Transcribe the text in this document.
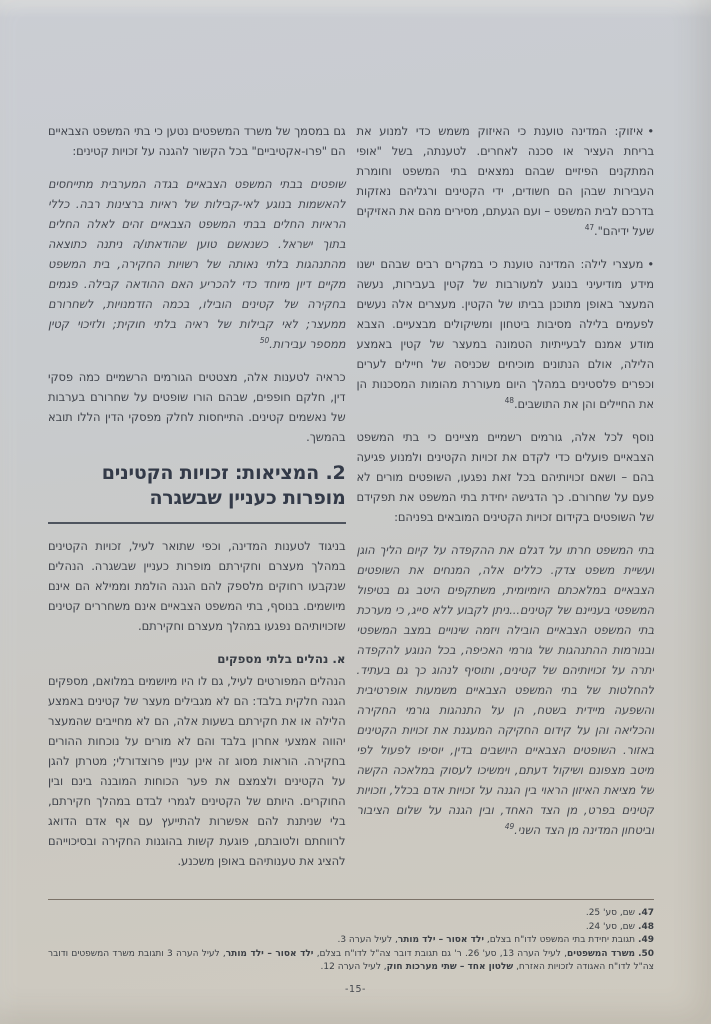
•איזוק: המדינה טוענת כי האיזוק משמש כדי למנוע את בריחת העציר או סכנה לאחרים. לטענתה, בשל "אופי המתקנים הפיזיים שבהם נמצאים בתי המשפט וחומרת העבירות שבהן הם חשודים, ידי הקטינים ורגליהם נאזקות בדרכם לבית המשפט – ועם הגעתם, מסירים מהם את האזיקים שעל ידיהם".$^{47}$

•מעצרי לילה: המדינה טוענת כי במקרים רבים שבהם ישנו מידע מודיעיני בנוגע למעורבות של קטין בעבירות, נעשה המעצר באופן מתוכנן בביתו של הקטין. מעצרים אלה נעשים לפעמים בלילה מסיבות ביטחון ומשיקולים מבצעיים. הצבא מודע אמנם לבעייתיות הטמונה במעצר של קטין באמצע הלילה, אולם הנתונים מוכיחים שכניסה של חיילים לערים וכפרים פלסטינים במהלך היום מעוררת מהומות המסכנות הן את החיילים והן את התושבים.$^{48}$

נוסף לכל אלה, גורמים רשמיים מציינים כי בתי המשפט הצבאיים פועלים כדי לקדם את זכויות הקטינים ולמנוע פגיעה בהם – ושאם זכויותיהם בכל זאת נפגעו, השופטים מורים לא פעם על שחרורם. כך הדגישה יחידת בתי המשפט את תפקידם של השופטים בקידום זכויות הקטינים המובאים בפניהם:

בתי המשפט חרתו על דגלם את ההקפדה על קיום הליך הוגן ועשיית משפט צדק. כללים אלה, המנחים את השופטים הצבאיים במלאכתם היומיומית, משתקפים היטב גם בטיפול המשפטי בעניינם של קטינים...ניתן לקבוע ללא סייג, כי מערכת בתי המשפט הצבאיים הובילה ויזמה שינויים במצב המשפטי ובנורמות ההתנהגות של גורמי האכיפה, בכל הנוגע להקפדה יתרה על זכויותיהם של קטינים, ותוסיף לנהוג כך גם בעתיד. להחלטות של בתי המשפט הצבאיים משמעות אופרטיבית והשפעה מיידית בשטח, הן על התנהגות גורמי החקירה והכליאה והן על קידום החקיקה המעגנת את זכויות הקטינים באזור. השופטים הצבאיים היושבים בדין, יוסיפו לפעול לפי מיטב מצפונם ושיקול דעתם, וימשיכו לעסוק במלאכה הקשה של מציאת האיזון הראוי בין הגנה על זכויות אדם בכלל, וזכויות קטינים בפרט, מן הצד האחד, ובין הגנה על שלום הציבור וביטחון המדינה מן הצד השני.$^{49}$

גם במסמך של משרד המשפטים נטען כי בתי המשפט הצבאיים הם "פרו-אקטיביים" בכל הקשור להגנה על זכויות קטינים:

שופטים בבתי המשפט הצבאיים בגדה המערבית מתייחסים להאשמות בנוגע לאי-קבילות של ראיות ברצינות רבה. כללי הראיות החלים בבתי המשפט הצבאיים זהים לאלה החלים בתוך ישראל. כשנאשם טוען שהודאתו/ה ניתנה כתוצאה מהתנהגות בלתי נאותה של רשויות החקירה, בית המשפט מקיים דיון מיוחד כדי להכריע האם ההודאה קבילה. פגמים בחקירה של קטינים הובילו, בכמה הזדמנויות, לשחרורם ממעצר; לאי קבילות של ראיה בלתי חוקית; ולזיכוי קטין ממספר עבירות.$^{50}$

כראיה לטענות אלה, מצטטים הגורמים הרשמיים כמה פסקי דין, חלקם חופפים, שבהם הורו שופטים על שחרורם בערבות של נאשמים קטינים. התייחסות לחלק מפסקי הדין הללו תובא בהמשך.

2. המציאות: זכויות הקטינים מופרות כעניין שבשגרה

בניגוד לטענות המדינה, וכפי שתואר לעיל, זכויות הקטינים במהלך מעצרם וחקירתם מופרות כעניין שבשגרה. הנהלים שנקבעו רחוקים מלספק להם הגנה הולמת וממילא הם אינם מיושמים. בנוסף, בתי המשפט הצבאיים אינם משחררים קטינים שזכויותיהם נפגעו במהלך מעצרם וחקירתם.

א. נהלים בלתי מספקים

הנהלים המפורטים לעיל, גם לו היו מיושמים במלואם, מספקים הגנה חלקית בלבד: הם לא מגבילים מעצר של קטינים באמצע הלילה או את חקירתם בשעות אלה, הם לא מחייבים שהמעצר יהווה אמצעי אחרון בלבד והם לא מורים על נוכחות ההורים בחקירה. הוראות מסוג זה אינן עניין פרוצדורלי; מטרתן להגן על הקטינים ולצמצם את פער הכוחות המובנה בינם ובין החוקרים. היותם של הקטינים לגמרי לבדם במהלך חקירתם, בלי שניתנת להם אפשרות להתייעץ עם אף אדם הדואג לרווחתם ולטובתם, פוגעת קשות בהוגנות החקירה ובסיכוייהם להציג את טענותיהם באופן משכנע.

47.שם, סע' 25.

48.שם, סע' 24.

49.תגובת יחידת בתי המשפט לדו"ח בצלם, ילד אסור – ילד מותר, לעיל הערה 3.

50.משרד המשפטים, לעיל הערה 13, סע' 26. ר' גם תגובת דובר צה"ל לדו"ח בצלם, ילד אסור – ילד מותר, לעיל הערה 3 ותגובת משרד המשפטים ודובר צה"ל לדו"ח האגודה לזכויות האזרח, שלטון אחד – שתי מערכות חוק, לעיל הערה 12.

-15-
